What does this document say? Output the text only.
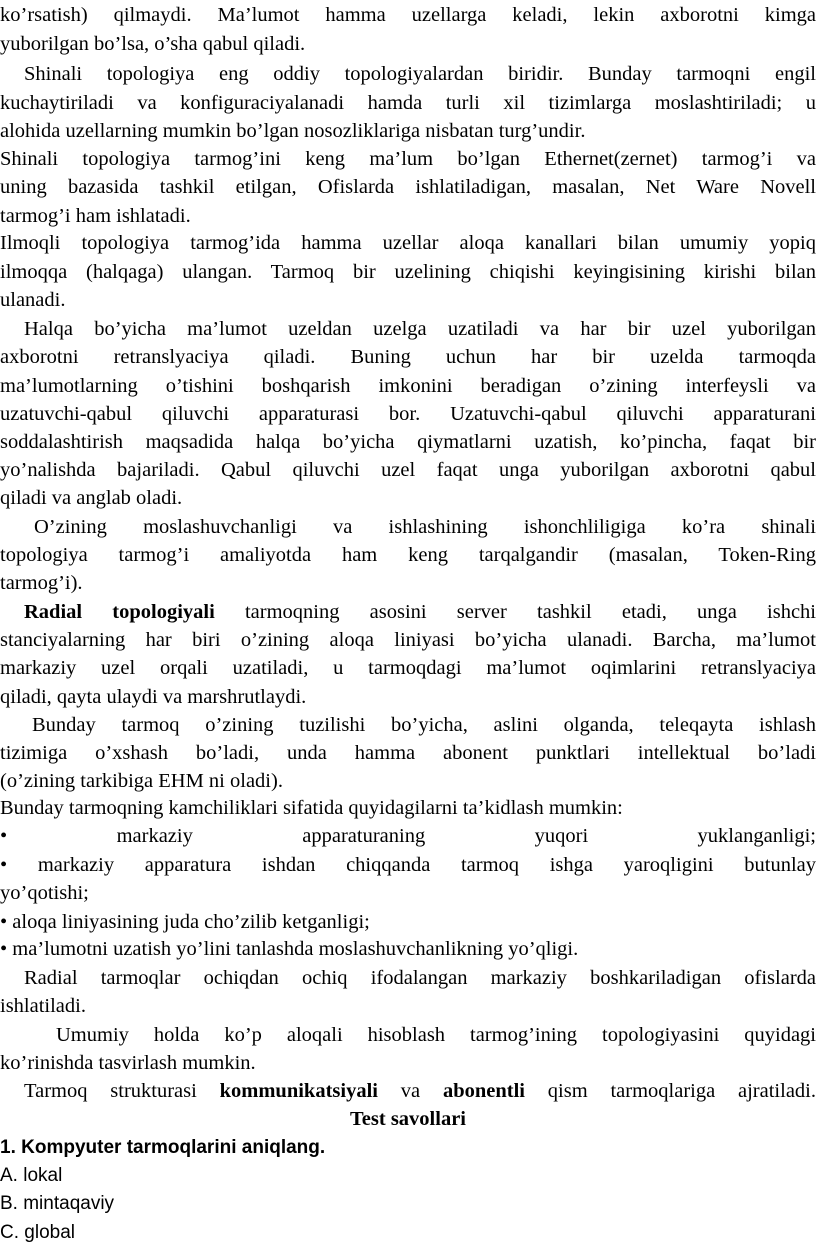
ko’rsatish) qilmaydi. Ma’lumot hamma uzellarga keladi, lekin axborotni kimga
yuborilgan bo’lsa, o’sha qabul qiladi.
Shinali topologiya eng oddiy topologiyalardan biridir. Bunday tarmoqni engil
kuchaytiriladi va konfiguraciyalanadi hamda turli xil tizimlarga moslashtiriladi; u
alohida uzellarning mumkin bo’lgan nosozliklariga nisbatan turg’undir.
Shinali topologiya tarmog’ini keng ma’lum bo’lgan Ethernet(zernet) tarmog’i va
uning bazasida tashkil etilgan, Ofislarda ishlatiladigan, masalan, Net Ware Novell
tarmog’i ham ishlatadi.
Ilmoqli topologiya tarmog’ida hamma uzellar aloqa kanallari bilan umumiy yopiq
ilmoqqa (halqaga) ulangan. Tarmoq bir uzelining chiqishi keyingisining kirishi bilan
ulanadi.
Halqa bo’yicha ma’lumot uzeldan uzelga uzatiladi va har bir uzel yuborilgan
axborotni retranslyaciya qiladi. Buning uchun har bir uzelda tarmoqda
ma’lumotlarning o’tishini boshqarish imkonini beradigan o’zining interfeysli va
uzatuvchi-qabul qiluvchi apparaturasi bor. Uzatuvchi-qabul qiluvchi apparaturani
soddalashtirish maqsadida halqa bo’yicha qiymatlarni uzatish, ko’pincha, faqat bir
yo’nalishda bajariladi. Qabul qiluvchi uzel faqat unga yuborilgan axborotni qabul
qiladi va anglab oladi.
O’zining moslashuvchanligi va ishlashining ishonchliligiga ko’ra shinali
topologiya tarmog’i amaliyotda ham keng tarqalgandir (masalan, Token-Ring
tarmog’i).
Radial topologiyali tarmoqning asosini server tashkil etadi, unga ishchi
stanciyalarning har biri o’zining aloqa liniyasi bo’yicha ulanadi. Barcha, ma’lumot
markaziy uzel orqali uzatiladi, u tarmoqdagi ma’lumot oqimlarini retranslyaciya
qiladi, qayta ulaydi va marshrutlaydi.
Bunday tarmoq o’zining tuzilishi bo’yicha, aslini olganda, teleqayta ishlash
tizimiga o’xshash bo’ladi, unda hamma abonent punktlari intellektual bo’ladi
(o’zining tarkibiga EHM ni oladi).
Bunday tarmoqning kamchiliklari sifatida quyidagilarni ta’kidlash mumkin:
• markaziy apparaturaning yuqori yuklanganligi;
• markaziy apparatura ishdan chiqqanda tarmoq ishga yaroqligini butunlay
yo’qotishi;
• aloqa liniyasining juda cho’zilib ketganligi;
• ma’lumotni uzatish yo’lini tanlashda moslashuvchanlikning yo’qligi.
Radial tarmoqlar ochiqdan ochiq ifodalangan markaziy boshkariladigan ofislarda
ishlatiladi.
Umumiy holda ko’p aloqali hisoblash tarmog’ining topologiyasini quyidagi
ko’rinishda tasvirlash mumkin.
Tarmoq strukturasi kommunikatsiyali va abonentli qism tarmoqlariga ajratiladi.
Test savollari
1. Kompyuter tarmoqlarini aniqlang.
A. lokal
B. mintaqaviy
C. global
